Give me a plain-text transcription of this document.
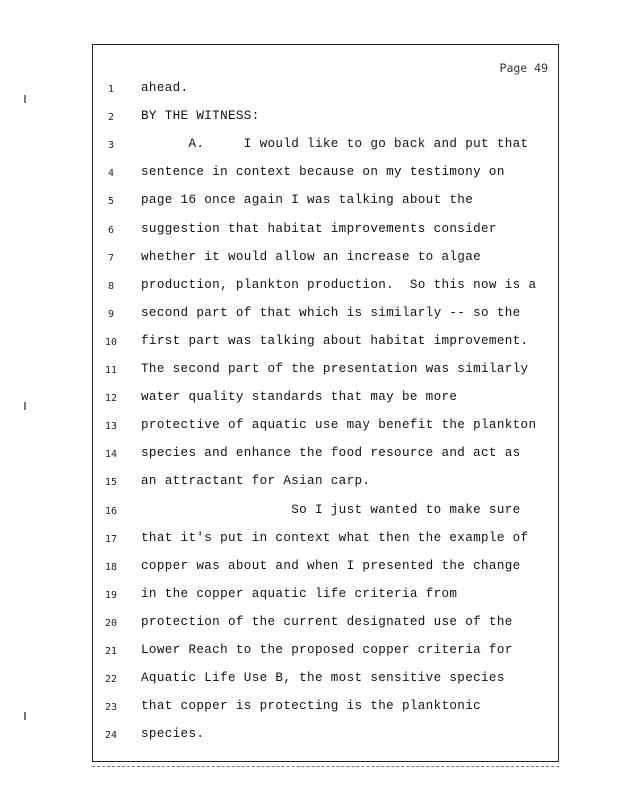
Page 49
1	ahead.
2	BY THE WITNESS:
3	A.     I would like to go back and put that
4	sentence in context because on my testimony on
5	page 16 once again I was talking about the
6	suggestion that habitat improvements consider
7	whether it would allow an increase to algae
8	production, plankton production.  So this now is a
9	second part of that which is similarly -- so the
10	first part was talking about habitat improvement.
11	The second part of the presentation was similarly
12	water quality standards that may be more
13	protective of aquatic use may benefit the plankton
14	species and enhance the food resource and act as
15	an attractant for Asian carp.
16	So I just wanted to make sure
17	that it's put in context what then the example of
18	copper was about and when I presented the change
19	in the copper aquatic life criteria from
20	protection of the current designated use of the
21	Lower Reach to the proposed copper criteria for
22	Aquatic Life Use B, the most sensitive species
23	that copper is protecting is the planktonic
24	species.
